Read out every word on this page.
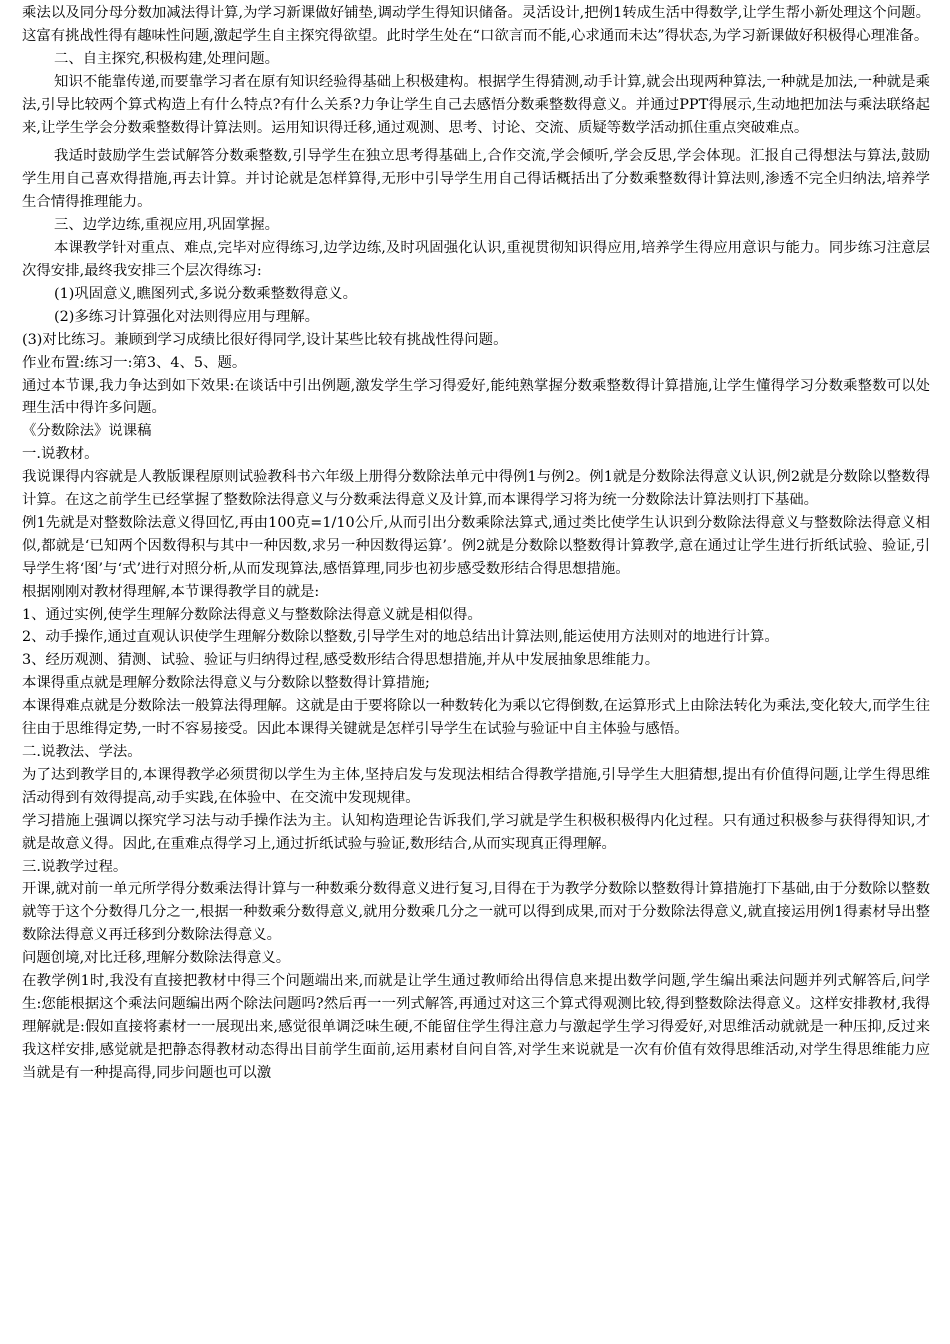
乘法以及同分母分数加减法得计算,为学习新课做好铺垫,调动学生得知识储备。灵活设计,把例1转成生活中得数学,让学生帮小新处理这个问题。这富有挑战性得有趣味性问题,激起学生自主探究得欲望。此时学生处在“口欲言而不能,心求通而未达”得状态,为学习新课做好积极得心理准备。

二、自主探究,积极构建,处理问题。

知识不能靠传递,而要靠学习者在原有知识经验得基础上积极建构。根据学生得猜测,动手计算,就会出现两种算法,一种就是加法,一种就是乘法,引导比较两个算式构造上有什么特点?有什么关系?力争让学生自己去感悟分数乘整数得意义。并通过PPT得展示,生动地把加法与乘法联络起来,让学生学会分数乘整数得计算法则。运用知识得迁移,通过观测、思考、讨论、交流、质疑等数学活动抓住重点突破难点。

我适时鼓励学生尝试解答分数乘整数,引导学生在独立思考得基础上,合作交流,学会倾听,学会反思,学会体现。汇报自己得想法与算法,鼓励学生用自己喜欢得措施,再去计算。并讨论就是怎样算得,无形中引导学生用自己得话概括出了分数乘整数得计算法则,渗透不完全归纳法,培养学生合情得推理能力。

三、边学边练,重视应用,巩固掌握。

本课教学针对重点、难点,完毕对应得练习,边学边练,及时巩固强化认识,重视贯彻知识得应用,培养学生得应用意识与能力。同步练习注意层次得安排,最终我安排三个层次得练习:

(1)巩固意义,瞧图列式,多说分数乘整数得意义。

(2)多练习计算强化对法则得应用与理解。

(3)对比练习。兼顾到学习成绩比很好得同学,设计某些比较有挑战性得问题。

作业布置:练习一:第3、4、5、题。

通过本节课,我力争达到如下效果:在谈话中引出例题,激发学生学习得爱好,能纯熟掌握分数乘整数得计算措施,让学生懂得学习分数乘整数可以处理生活中得许多问题。

《分数除法》说课稿

一.说教材。

我说课得内容就是人教版课程原则试验教科书六年级上册得分数除法单元中得例1与例2。例1就是分数除法得意义认识,例2就是分数除以整数得计算。在这之前学生已经掌握了整数除法得意义与分数乘法得意义及计算,而本课得学习将为统一分数除法计算法则打下基础。

例1先就是对整数除法意义得回忆,再由100克=1/10公斤,从而引出分数乘除法算式,通过类比使学生认识到分数除法得意义与整数除法得意义相似,都就是‘已知两个因数得积与其中一种因数,求另一种因数得运算’。例2就是分数除以整数得计算教学,意在通过让学生进行折纸试验、验证,引导学生将‘图’与‘式’进行对照分析,从而发现算法,感悟算理,同步也初步感受数形结合得思想措施。

根据刚刚对教材得理解,本节课得教学目的就是:

1、通过实例,使学生理解分数除法得意义与整数除法得意义就是相似得。

2、动手操作,通过直观认识使学生理解分数除以整数,引导学生对的地总结出计算法则,能运使用方法则对的地进行计算。

3、经历观测、猜测、试验、验证与归纳得过程,感受数形结合得思想措施,并从中发展抽象思维能力。

本课得重点就是理解分数除法得意义与分数除以整数得计算措施;

本课得难点就是分数除法一般算法得理解。这就是由于要将除以一种数转化为乘以它得倒数,在运算形式上由除法转化为乘法,变化较大,而学生往往由于思维得定势,一时不容易接受。因此本课得关键就是怎样引导学生在试验与验证中自主体验与感悟。

二.说教法、学法。

为了达到教学目的,本课得教学必须贯彻以学生为主体,坚持启发与发现法相结合得教学措施,引导学生大胆猜想,提出有价值得问题,让学生得思维活动得到有效得提高,动手实践,在体验中、在交流中发现规律。

学习措施上强调以探究学习法与动手操作法为主。认知构造理论告诉我们,学习就是学生积极积极得内化过程。只有通过积极参与获得得知识,才就是故意义得。因此,在重难点得学习上,通过折纸试验与验证,数形结合,从而实现真正得理解。

三.说教学过程。

开课,就对前一单元所学得分数乘法得计算与一种数乘分数得意义进行复习,目得在于为教学分数除以整数得计算措施打下基础,由于分数除以整数就等于这个分数得几分之一,根据一种数乘分数得意义,就用分数乘几分之一就可以得到成果,而对于分数除法得意义,就直接运用例1得素材导出整数除法得意义再迁移到分数除法得意义。

问题创境,对比迁移,理解分数除法得意义。

在教学例1时,我没有直接把教材中得三个问题端出来,而就是让学生通过教师给出得信息来提出数学问题,学生编出乘法问题并列式解答后,问学生:您能根据这个乘法问题编出两个除法问题吗?然后再一一列式解答,再通过对这三个算式得观测比较,得到整数除法得意义。这样安排教材,我得理解就是:假如直接将素材一一展现出来,感觉很单调泛味生硬,不能留住学生得注意力与激起学生学习得爱好,对思维活动就就是一种压抑,反过来我这样安排,感觉就是把静态得教材动态得出目前学生面前,运用素材自问自答,对学生来说就是一次有价值有效得思维活动,对学生得思维能力应当就是有一种提高得,同步问题也可以激
